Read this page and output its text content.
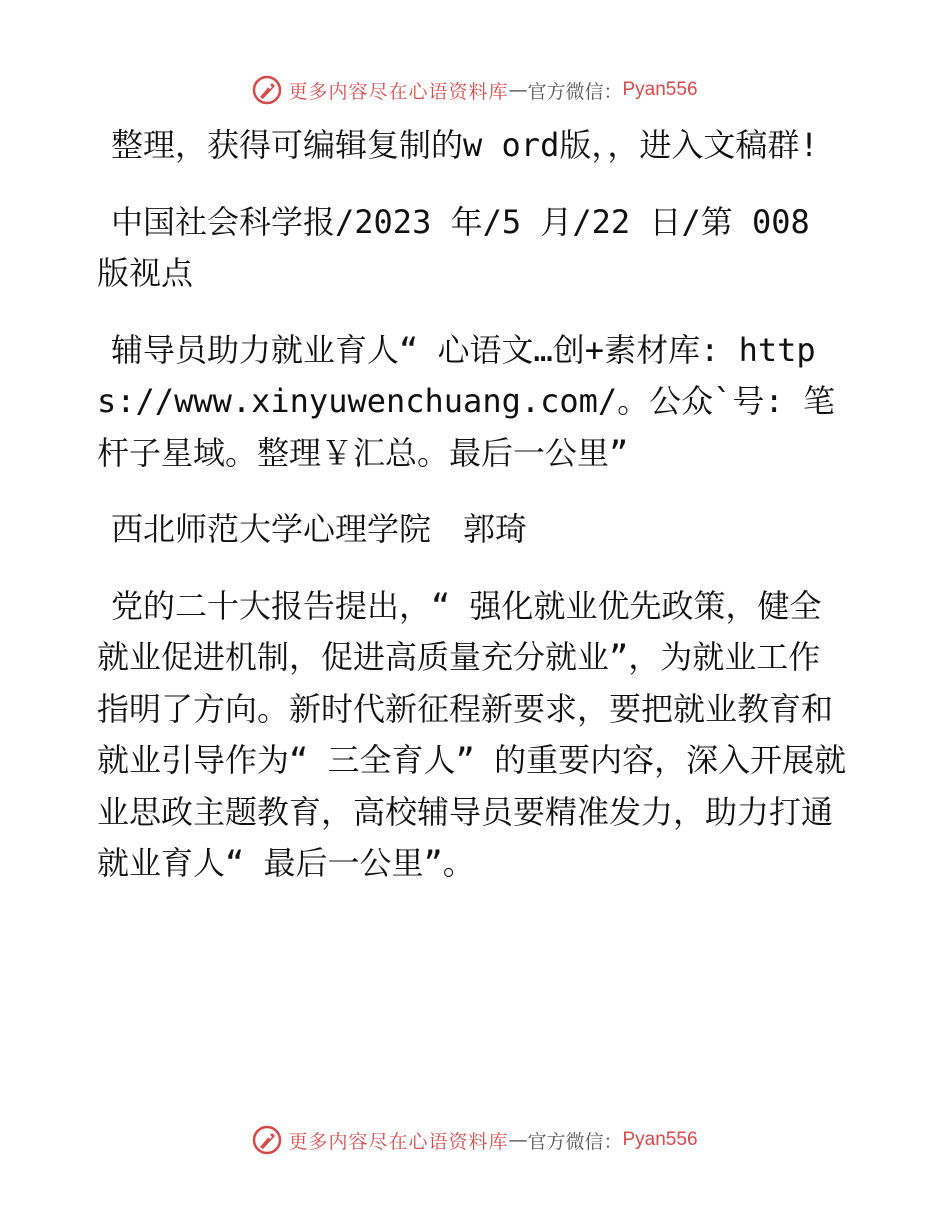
更多内容尽在心语资料库 — 官方微信： Pyan556

整理，获得可编辑复制的w ord版，，进入文稿群!

中国社会科学报/2023 年/5 月/22 日/第 008 版视点

辅导员助力就业育人“ 心语文…创+素材库: https://www.xinyuwenchuang.com/。公众`号: 笔杆子星域。整理￥汇总。最后一公里”

西北师范大学心理学院　郭琦

党的二十大报告提出，“ 强化就业优先政策，健全就业促进机制，促进高质量充分就业”，为就业工作指明了方向。新时代新征程新要求，要把就业教育和就业引导作为“ 三全育人” 的重要内容，深入开展就业思政主题教育，高校辅导员要精准发力，助力打通就业育人“ 最后一公里”。

更多内容尽在心语资料库 — 官方微信： Pyan556
